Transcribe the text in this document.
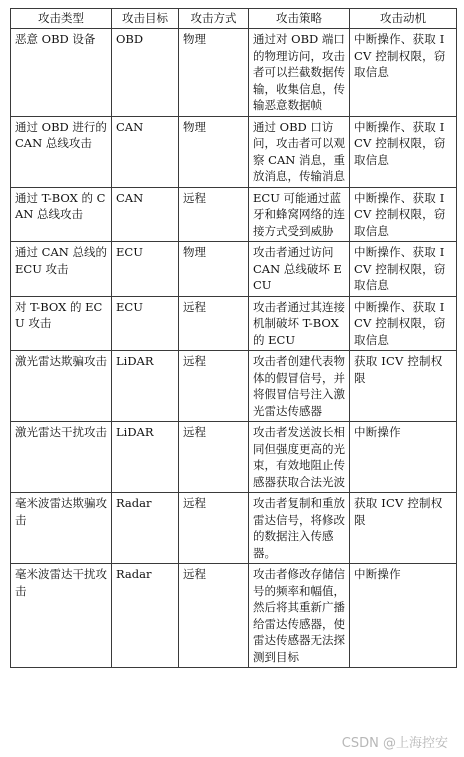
攻击类型	攻击目标	攻击方式	攻击策略	攻击动机
恶意 OBD 设备	OBD	物理	通过对 OBD 端口的物理访问，攻击者可以拦截数据传输，收集信息，传输恶意数据帧	中断操作、获取 ICV 控制权限，窃取信息
通过 OBD 进行的 CAN 总线攻击	CAN	物理	通过 OBD 口访问，攻击者可以观察 CAN 消息，重放消息，传输消息	中断操作、获取 ICV 控制权限，窃取信息
通过 T-BOX 的 CAN 总线攻击	CAN	远程	ECU 可能通过蓝牙和蜂窝网络的连接方式受到威胁	中断操作、获取 ICV 控制权限，窃取信息
通过 CAN 总线的 ECU 攻击	ECU	物理	攻击者通过访问 CAN 总线破坏 ECU	中断操作、获取 ICV 控制权限，窃取信息
对 T-BOX 的 ECU 攻击	ECU	远程	攻击者通过其连接机制破坏 T-BOX 的 ECU	中断操作、获取 ICV 控制权限，窃取信息
激光雷达欺骗攻击	LiDAR	远程	攻击者创建代表物体的假冒信号，并将假冒信号注入激光雷达传感器	获取 ICV 控制权限
激光雷达干扰攻击	LiDAR	远程	攻击者发送波长相同但强度更高的光束，有效地阻止传感器获取合法光波	中断操作
毫米波雷达欺骗攻击	Radar	远程	攻击者复制和重放雷达信号，将修改的数据注入传感器。	获取 ICV 控制权限
毫米波雷达干扰攻击	Radar	远程	攻击者修改存储信号的频率和幅值，然后将其重新广播给雷达传感器，使雷达传感器无法探测到目标	中断操作
CSDN @上海控安
